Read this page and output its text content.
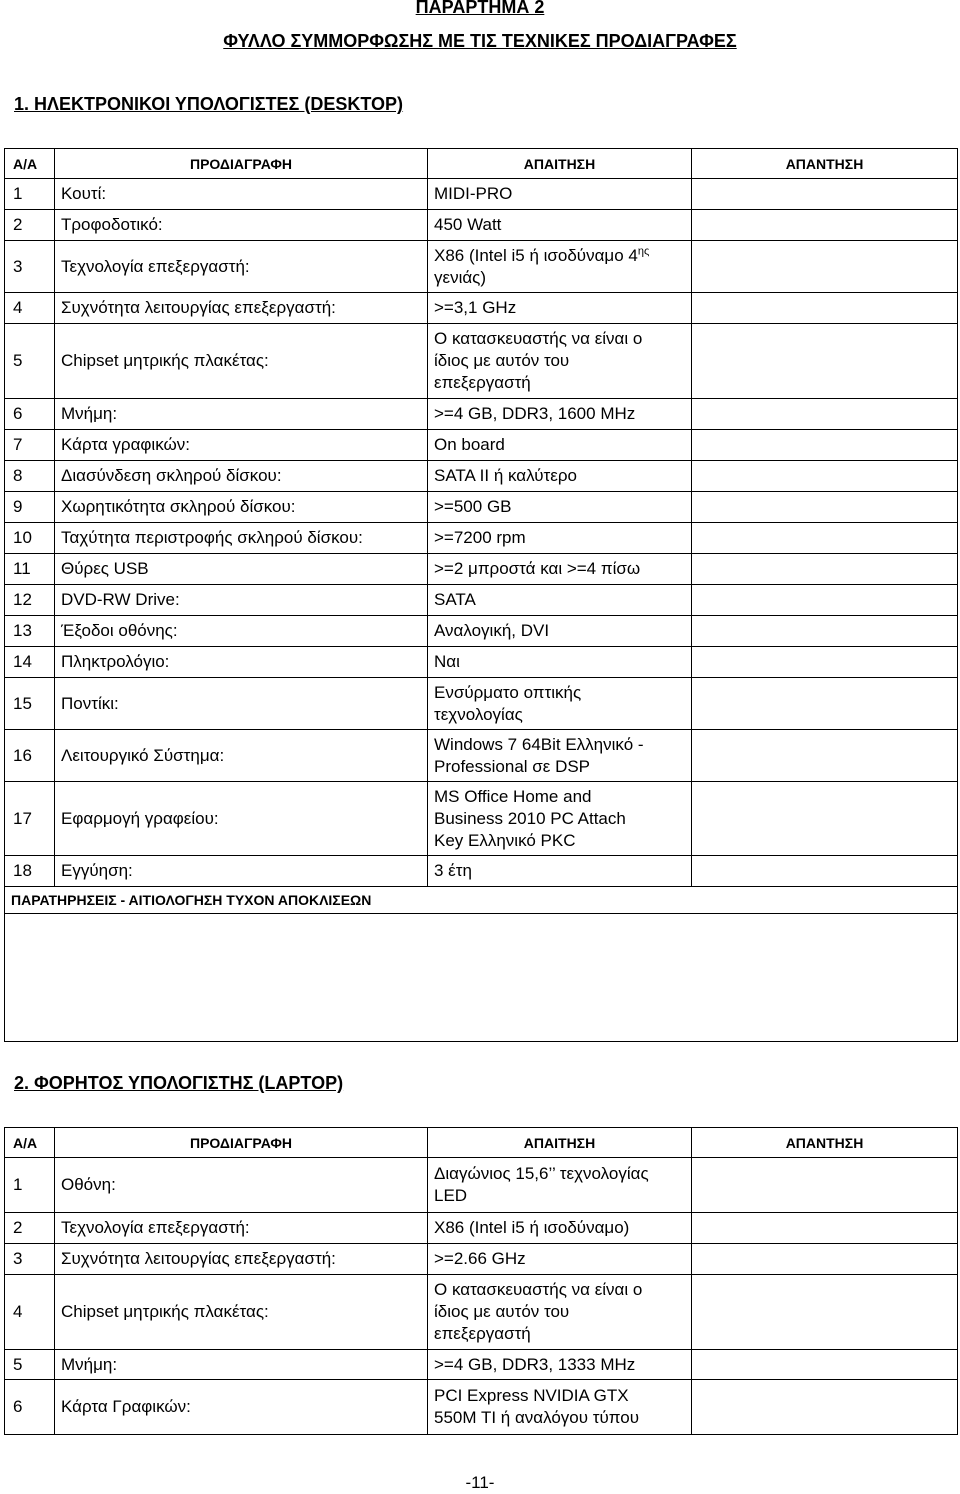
ΠΑΡΑΡΤΗΜΑ 2
ΦΥΛΛΟ ΣΥΜΜΟΡΦΩΣΗΣ ΜΕ ΤΙΣ ΤΕΧΝΙΚΕΣ ΠΡΟΔΙΑΓΡΑΦΕΣ
1. ΗΛΕΚΤΡΟΝΙΚΟΙ ΥΠΟΛΟΓΙΣΤΕΣ (DESKTOP)
Α/Α	ΠΡΟΔΙΑΓΡΑΦΗ	ΑΠΑΙΤΗΣΗ	ΑΠΑΝΤΗΣΗ
1	Κουτί:	MIDI-PRO	
2	Τροφοδοτικό:	450 Watt	
3	Τεχνολογία επεξεργαστή:	X86 (Intel i5 ή ισοδύναμο $4^{\eta\varsigma}$
γενιάς)	
4	Συχνότητα λειτουργίας επεξεργαστή:	>=3,1 GHz	
5	Chipset μητρικής πλακέτας:	Ο κατασκευαστής να είναι ο
ίδιος με αυτόν του
επεξεργαστή	
6	Μνήμη:	>=4 GB, DDR3, 1600 MHz	
7	Κάρτα γραφικών:	On board	
8	Διασύνδεση σκληρού δίσκου:	SATA II ή καλύτερο	
9	Χωρητικότητα σκληρού δίσκου:	>=500 GB	
10	Ταχύτητα περιστροφής σκληρού δίσκου:	>=7200 rpm	
11	Θύρες USB	>=2 μπροστά και >=4 πίσω	
12	DVD-RW Drive:	SATA	
13	Έξοδοι οθόνης:	Αναλογική, DVI	
14	Πληκτρολόγιο:	Ναι	
15	Ποντίκι:	Ενσύρματο οπτικής
τεχνολογίας	
16	Λειτουργικό Σύστημα:	Windows 7 64Bit Ελληνικό -
Professional σε DSP	
17	Εφαρμογή γραφείου:	MS Office Home and
Business 2010 PC Attach
Key Ελληνικό PKC	
18	Εγγύηση:	3 έτη	
ΠΑΡΑΤΗΡΗΣΕΙΣ - ΑΙΤΙΟΛΟΓΗΣΗ ΤΥΧΟΝ ΑΠΟΚΛΙΣΕΩΝ			

2. ΦΟΡΗΤΟΣ ΥΠΟΛΟΓΙΣΤΗΣ (LAPTOP)
Α/Α	ΠΡΟΔΙΑΓΡΑΦΗ	ΑΠΑΙΤΗΣΗ	ΑΠΑΝΤΗΣΗ
1	Οθόνη:	Διαγώνιος 15,6’’ τεχνολογίας
LED	
2	Τεχνολογία επεξεργαστή:	X86 (Intel i5 ή ισοδύναμο)	
3	Συχνότητα λειτουργίας επεξεργαστή:	>=2.66 GHz	
4	Chipset μητρικής πλακέτας:	Ο κατασκευαστής να είναι ο
ίδιος με αυτόν του
επεξεργαστή	
5	Μνήμη:	>=4 GB, DDR3, 1333 MHz	
6	Κάρτα Γραφικών:	PCI Express NVIDIA GTX
550M TI ή αναλόγου τύπου	
-11-
